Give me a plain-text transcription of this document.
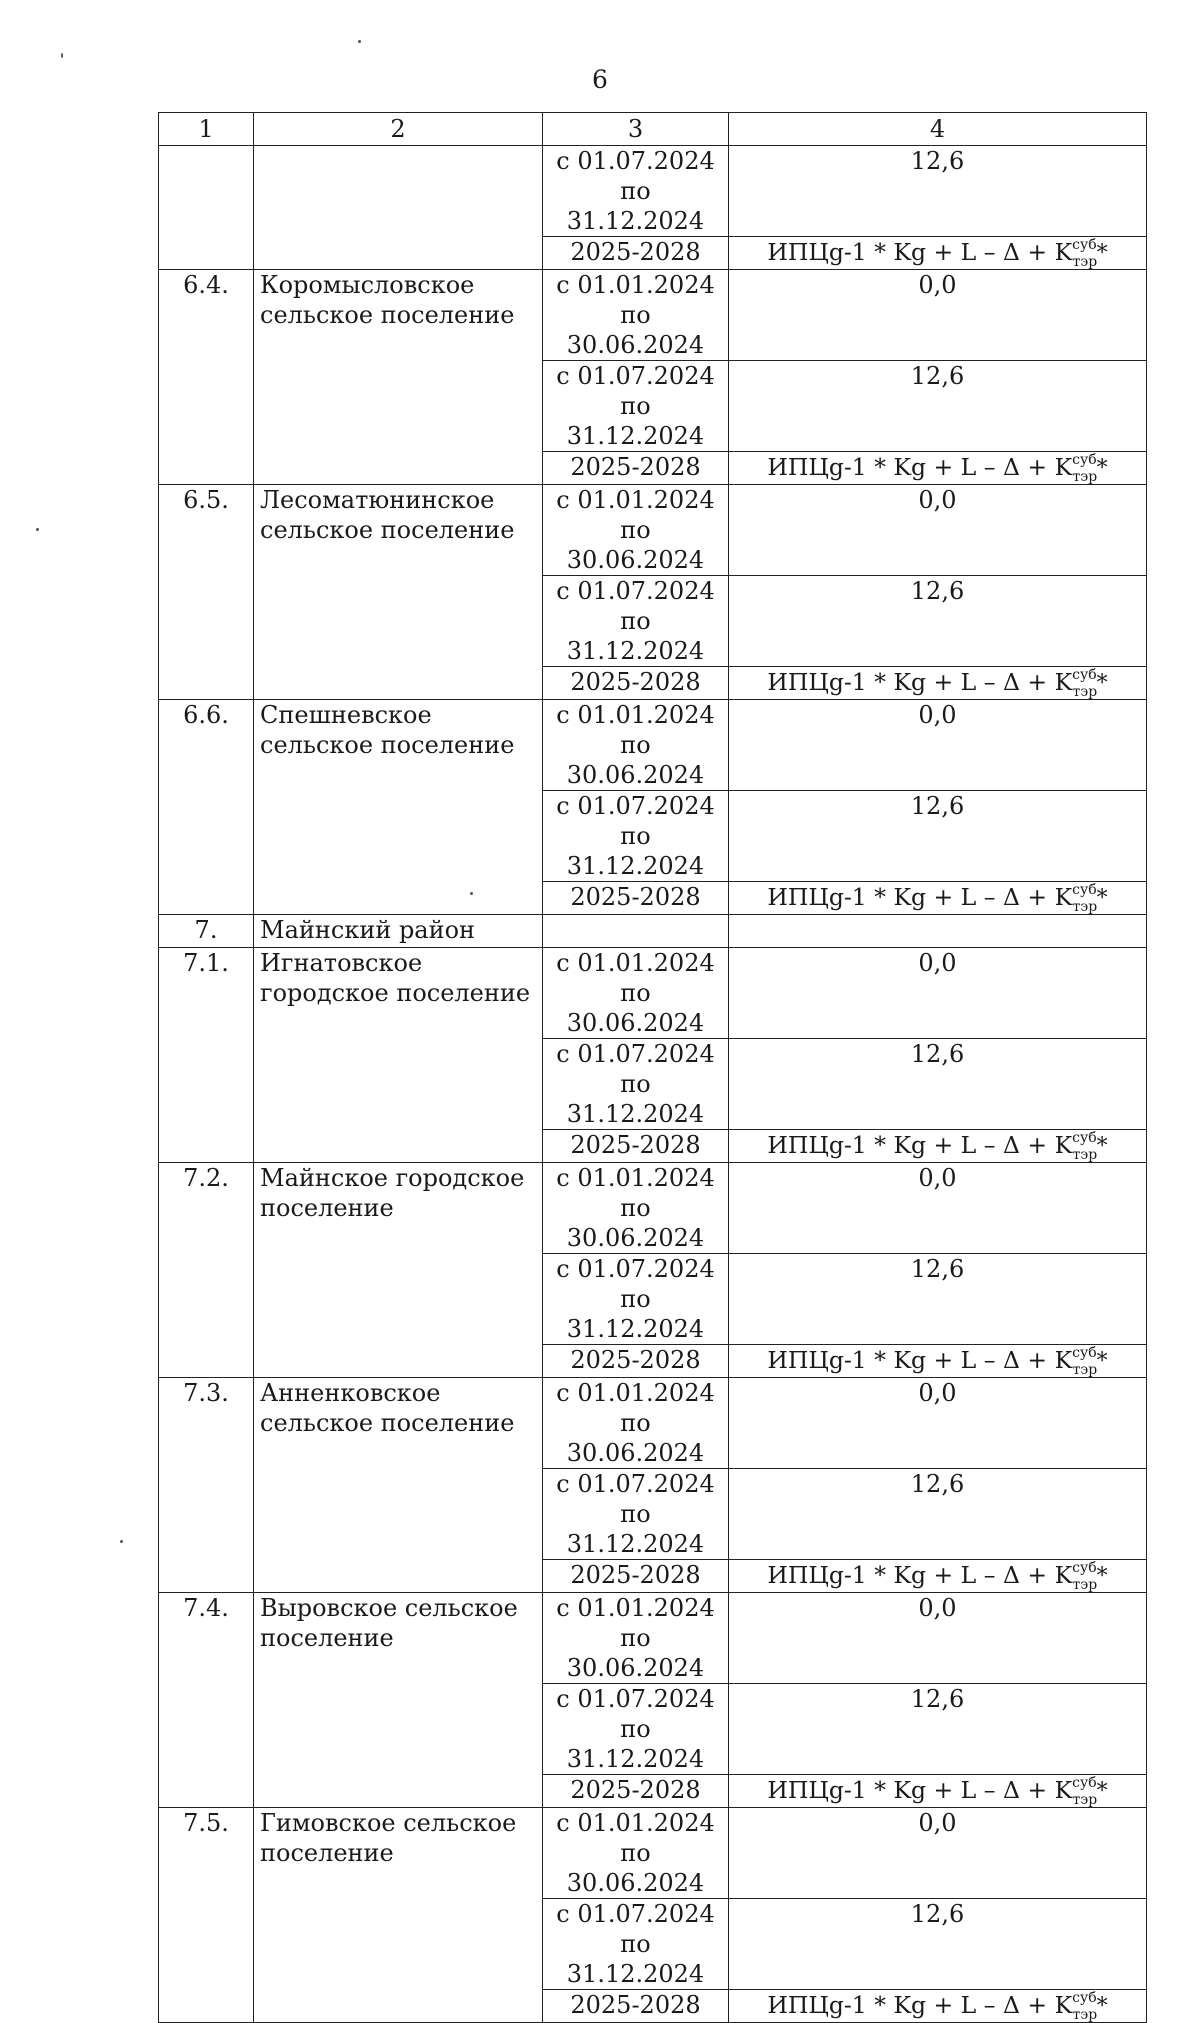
6
1	2	3	4
		с 01.07.2024 по 31.12.2024	12,6
		2025-2028	ИПЦg-1 * $Kg + L - \Delta + K^{суб}_{тэр}*$
6.4.	Коромысловское сельское поселение	с 01.01.2024 по 30.06.2024	0,0
		с 01.07.2024 по 31.12.2024	12,6
		2025-2028	ИПЦg-1 * $Kg + L - \Delta + K^{суб}_{тэр}*$
6.5.	Лесоматюнинское сельское поселение	с 01.01.2024 по 30.06.2024	0,0
		с 01.07.2024 по 31.12.2024	12,6
		2025-2028	ИПЦg-1 * $Kg + L - \Delta + K^{суб}_{тэр}*$
6.6.	Спешневское сельское поселение	с 01.01.2024 по 30.06.2024	0,0
		с 01.07.2024 по 31.12.2024	12,6
		2025-2028	ИПЦg-1 * $Kg + L - \Delta + K^{суб}_{тэр}*$
7.	Майнский район		
7.1.	Игнатовское городское поселение	с 01.01.2024 по 30.06.2024	0,0
		с 01.07.2024 по 31.12.2024	12,6
		2025-2028	ИПЦg-1 * $Kg + L - \Delta + K^{суб}_{тэр}*$
7.2.	Майнское городское поселение	с 01.01.2024 по 30.06.2024	0,0
		с 01.07.2024 по 31.12.2024	12,6
		2025-2028	ИПЦg-1 * $Kg + L - \Delta + K^{суб}_{тэр}*$
7.3.	Анненковское сельское поселение	с 01.01.2024 по 30.06.2024	0,0
		с 01.07.2024 по 31.12.2024	12,6
		2025-2028	ИПЦg-1 * $Kg + L - \Delta + K^{суб}_{тэр}*$
7.4.	Выровское сельское поселение	с 01.01.2024 по 30.06.2024	0,0
		с 01.07.2024 по 31.12.2024	12,6
		2025-2028	ИПЦg-1 * $Kg + L - \Delta + K^{суб}_{тэр}*$
7.5.	Гимовское сельское поселение	с 01.01.2024 по 30.06.2024	0,0
		с 01.07.2024 по 31.12.2024	12,6
		2025-2028	ИПЦg-1 * $Kg + L - \Delta + K^{суб}_{тэр}*$
